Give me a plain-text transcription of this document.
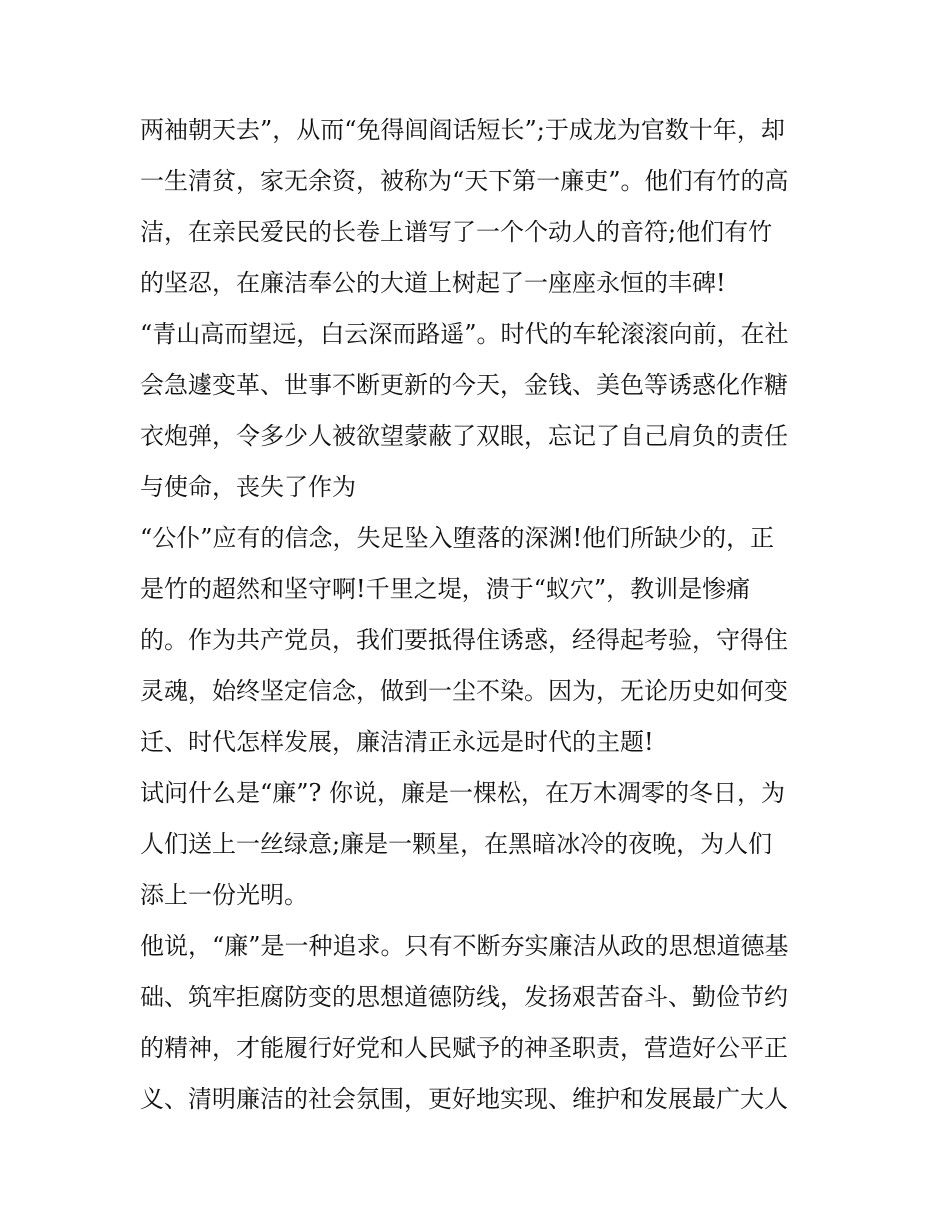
两袖朝天去”，从而“免得闾阎话短长”;于成龙为官数十年，却
一生清贫，家无余资，被称为“天下第一廉吏”。他们有竹的高
洁，在亲民爱民的长卷上谱写了一个个动人的音符;他们有竹
的坚忍，在廉洁奉公的大道上树起了一座座永恒的丰碑!
“青山高而望远，白云深而路遥”。时代的车轮滚滚向前，在社
会急遽变革、世事不断更新的今天，金钱、美色等诱惑化作糖
衣炮弹，令多少人被欲望蒙蔽了双眼，忘记了自己肩负的责任
与使命，丧失了作为
“公仆”应有的信念，失足坠入堕落的深渊!他们所缺少的，正
是竹的超然和坚守啊!千里之堤，溃于“蚁穴”，教训是惨痛
的。作为共产党员，我们要抵得住诱惑，经得起考验，守得住
灵魂，始终坚定信念，做到一尘不染。因为，无论历史如何变
迁、时代怎样发展，廉洁清正永远是时代的主题!
试问什么是“廉”? 你说，廉是一棵松，在万木凋零的冬日，为
人们送上一丝绿意;廉是一颗星，在黑暗冰冷的夜晚，为人们
添上一份光明。
他说，“廉”是一种追求。只有不断夯实廉洁从政的思想道德基
础、筑牢拒腐防变的思想道德防线，发扬艰苦奋斗、勤俭节约
的精神，才能履行好党和人民赋予的神圣职责，营造好公平正
义、清明廉洁的社会氛围，更好地实现、维护和发展最广大人
